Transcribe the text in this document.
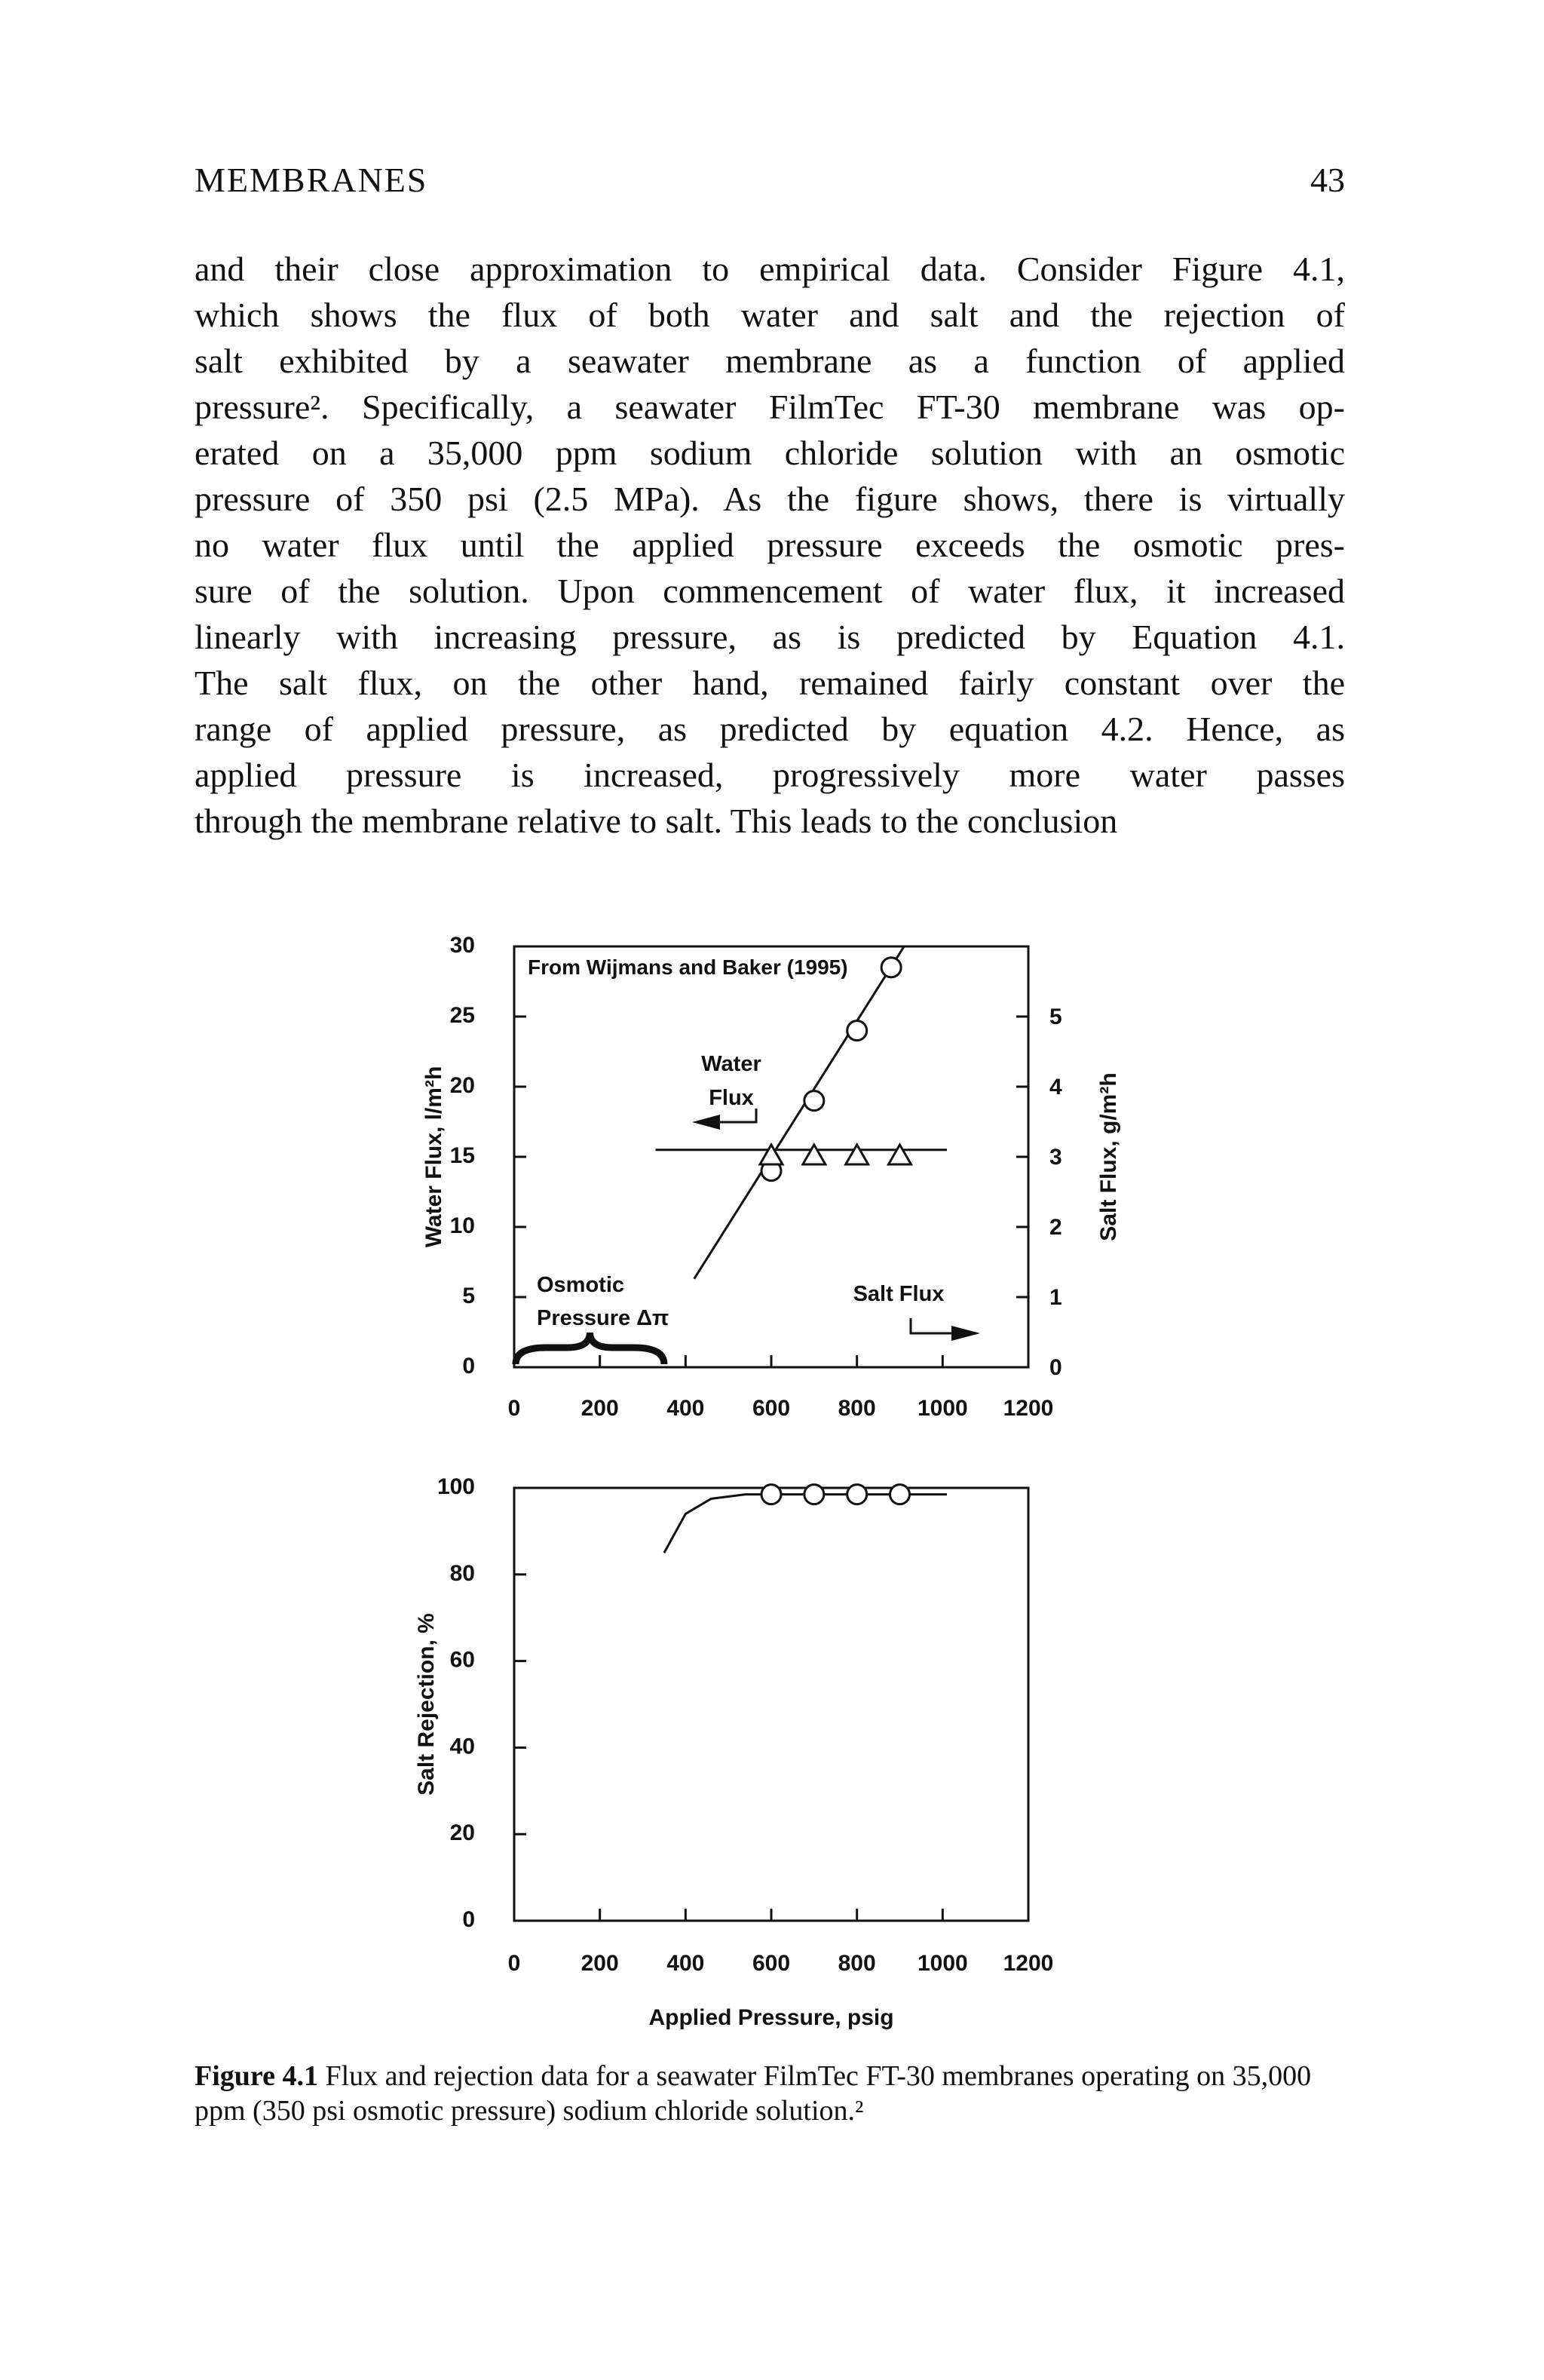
MEMBRANES	43
and their close approximation to empirical data. Consider Figure 4.1,
which shows the flux of both water and salt and the rejection of
salt exhibited by a seawater membrane as a function of applied
pressure². Specifically, a seawater FilmTec FT-30 membrane was op-
erated on a 35,000 ppm sodium chloride solution with an osmotic
pressure of 350 psi (2.5 MPa). As the figure shows, there is virtually
no water flux until the applied pressure exceeds the osmotic pres-
sure of the solution. Upon commencement of water flux, it increased
linearly with increasing pressure, as is predicted by Equation 4.1.
The salt flux, on the other hand, remained fairly constant over the
range of applied pressure, as predicted by equation 4.2. Hence, as
applied pressure is increased, progressively more water passes
through the membrane relative to salt. This leads to the conclusion
0	200 400 600 800 1000 1200
0
5
10
15
20
25
30
0
1
2
3
4
5
Water Flux, l/m²h	Salt Flux, g/m²h
From Wijmans and Baker (1995)
Water
Flux
Salt Flux
Osmotic
Pressure Δπ
0	200 400 600 800 1000 1200
0
20
40
60
80
100
Salt Rejection, %
Applied Pressure, psig
Figure 4.1 Flux and rejection data for a seawater FilmTec FT-30 membranes operating on 35,000 ppm (350 psi osmotic pressure) sodium chloride solution.²
